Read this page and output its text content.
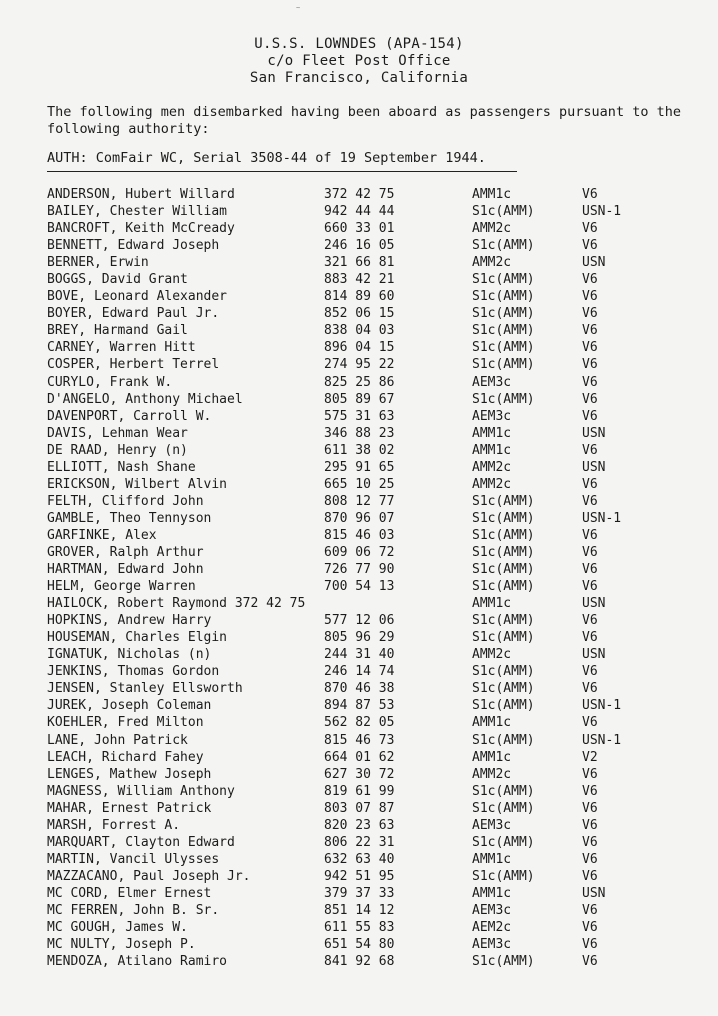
~
U.S.S. LOWNDES (APA-154)
c/o Fleet Post Office
San Francisco, California
The following men disembarked having been aboard as passengers pursuant to the following authority:
AUTH: ComFair WC, Serial 3508-44 of 19 September 1944.
ANDERSON, Hubert Willard	372 42 75	AMM1c	V6
BAILEY, Chester William	942 44 44	S1c(AMM)	USN-1
BANCROFT, Keith McCready	660 33 01	AMM2c	V6
BENNETT, Edward Joseph	246 16 05	S1c(AMM)	V6
BERNER, Erwin	321 66 81	AMM2c	USN
BOGGS, David Grant	883 42 21	S1c(AMM)	V6
BOVE, Leonard Alexander	814 89 60	S1c(AMM)	V6
BOYER, Edward Paul Jr.	852 06 15	S1c(AMM)	V6
BREY, Harmand Gail	838 04 03	S1c(AMM)	V6
CARNEY, Warren Hitt	896 04 15	S1c(AMM)	V6
COSPER, Herbert Terrel	274 95 22	S1c(AMM)	V6
CURYLO, Frank W.	825 25 86	AEM3c	V6
D'ANGELO, Anthony Michael	805 89 67	S1c(AMM)	V6
DAVENPORT, Carroll W.	575 31 63	AEM3c	V6
DAVIS, Lehman Wear	346 88 23	AMM1c	USN
DE RAAD, Henry (n)	611 38 02	AMM1c	V6
ELLIOTT, Nash Shane	295 91 65	AMM2c	USN
ERICKSON, Wilbert Alvin	665 10 25	AMM2c	V6
FELTH, Clifford John	808 12 77	S1c(AMM)	V6
GAMBLE, Theo Tennyson	870 96 07	S1c(AMM)	USN-1
GARFINKE, Alex	815 46 03	S1c(AMM)	V6
GROVER, Ralph Arthur	609 06 72	S1c(AMM)	V6
HARTMAN, Edward John	726 77 90	S1c(AMM)	V6
HELM, George Warren	700 54 13	S1c(AMM)	V6
HAILOCK, Robert Raymond 372 42 75	AMM1c	USN
HOPKINS, Andrew Harry	577 12 06	S1c(AMM)	V6
HOUSEMAN, Charles Elgin	805 96 29	S1c(AMM)	V6
IGNATUK, Nicholas (n)	244 31 40	AMM2c	USN
JENKINS, Thomas Gordon	246 14 74	S1c(AMM)	V6
JENSEN, Stanley Ellsworth	870 46 38	S1c(AMM)	V6
JUREK, Joseph Coleman	894 87 53	S1c(AMM)	USN-1
KOEHLER, Fred Milton	562 82 05	AMM1c	V6
LANE, John Patrick	815 46 73	S1c(AMM)	USN-1
LEACH, Richard Fahey	664 01 62	AMM1c	V2
LENGES, Mathew Joseph	627 30 72	AMM2c	V6
MAGNESS, William Anthony	819 61 99	S1c(AMM)	V6
MAHAR, Ernest Patrick	803 07 87	S1c(AMM)	V6
MARSH, Forrest A.	820 23 63	AEM3c	V6
MARQUART, Clayton Edward	806 22 31	S1c(AMM)	V6
MARTIN, Vancil Ulysses	632 63 40	AMM1c	V6
MAZZACANO, Paul Joseph Jr.	942 51 95	S1c(AMM)	V6
MC CORD, Elmer Ernest	379 37 33	AMM1c	USN
MC FERREN, John B. Sr.	851 14 12	AEM3c	V6
MC GOUGH, James W.	611 55 83	AEM2c	V6
MC NULTY, Joseph P.	651 54 80	AEM3c	V6
MENDOZA, Atilano Ramiro	841 92 68	S1c(AMM)	V6
